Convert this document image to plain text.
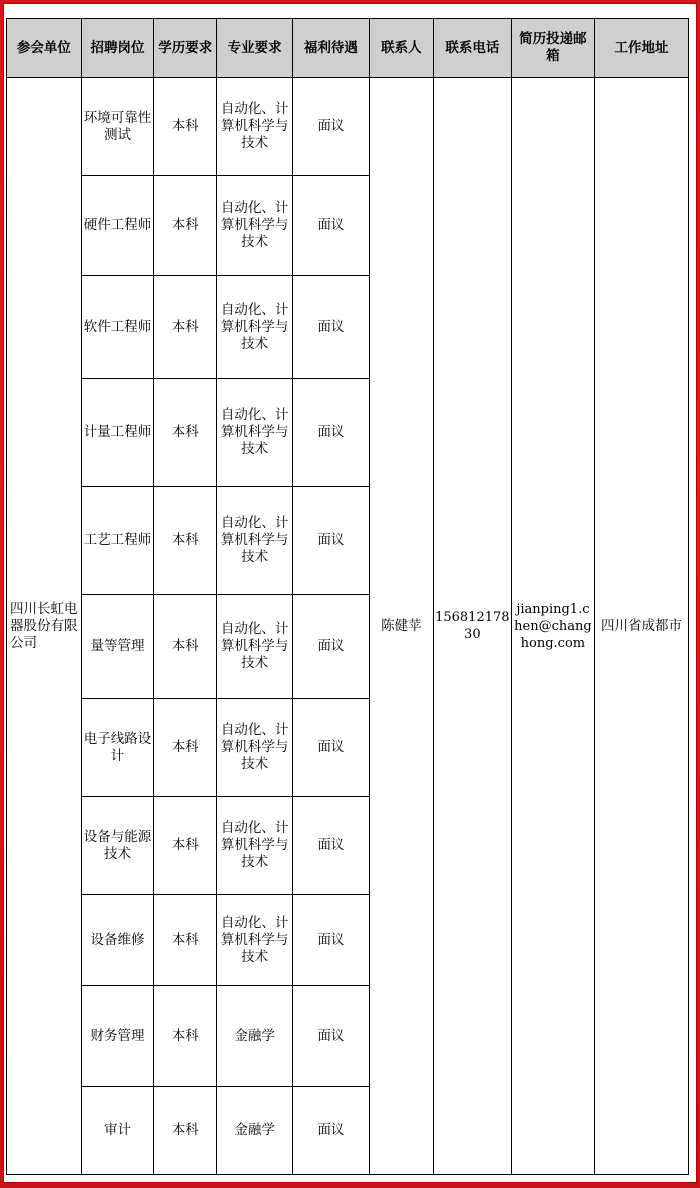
参会单位	招聘岗位	学历要求	专业要求	福利待遇	联系人	联系电话	简历投递邮箱	工作地址
四川长虹电器股份有限公司	环境可靠性测试	本科	自动化、计算机科学与技术	面议	陈健苹	15681217830	jianping1.chen@changhong.com	四川省成都市
	硬件工程师	本科	自动化、计算机科学与技术	面议				
	软件工程师	本科	自动化、计算机科学与技术	面议				
	计量工程师	本科	自动化、计算机科学与技术	面议				
	工艺工程师	本科	自动化、计算机科学与技术	面议				
	量等管理	本科	自动化、计算机科学与技术	面议				
	电子线路设计	本科	自动化、计算机科学与技术	面议				
	设备与能源技术	本科	自动化、计算机科学与技术	面议				
	设备维修	本科	自动化、计算机科学与技术	面议				
	财务管理	本科	金融学	面议				
	审计	本科	金融学	面议				
